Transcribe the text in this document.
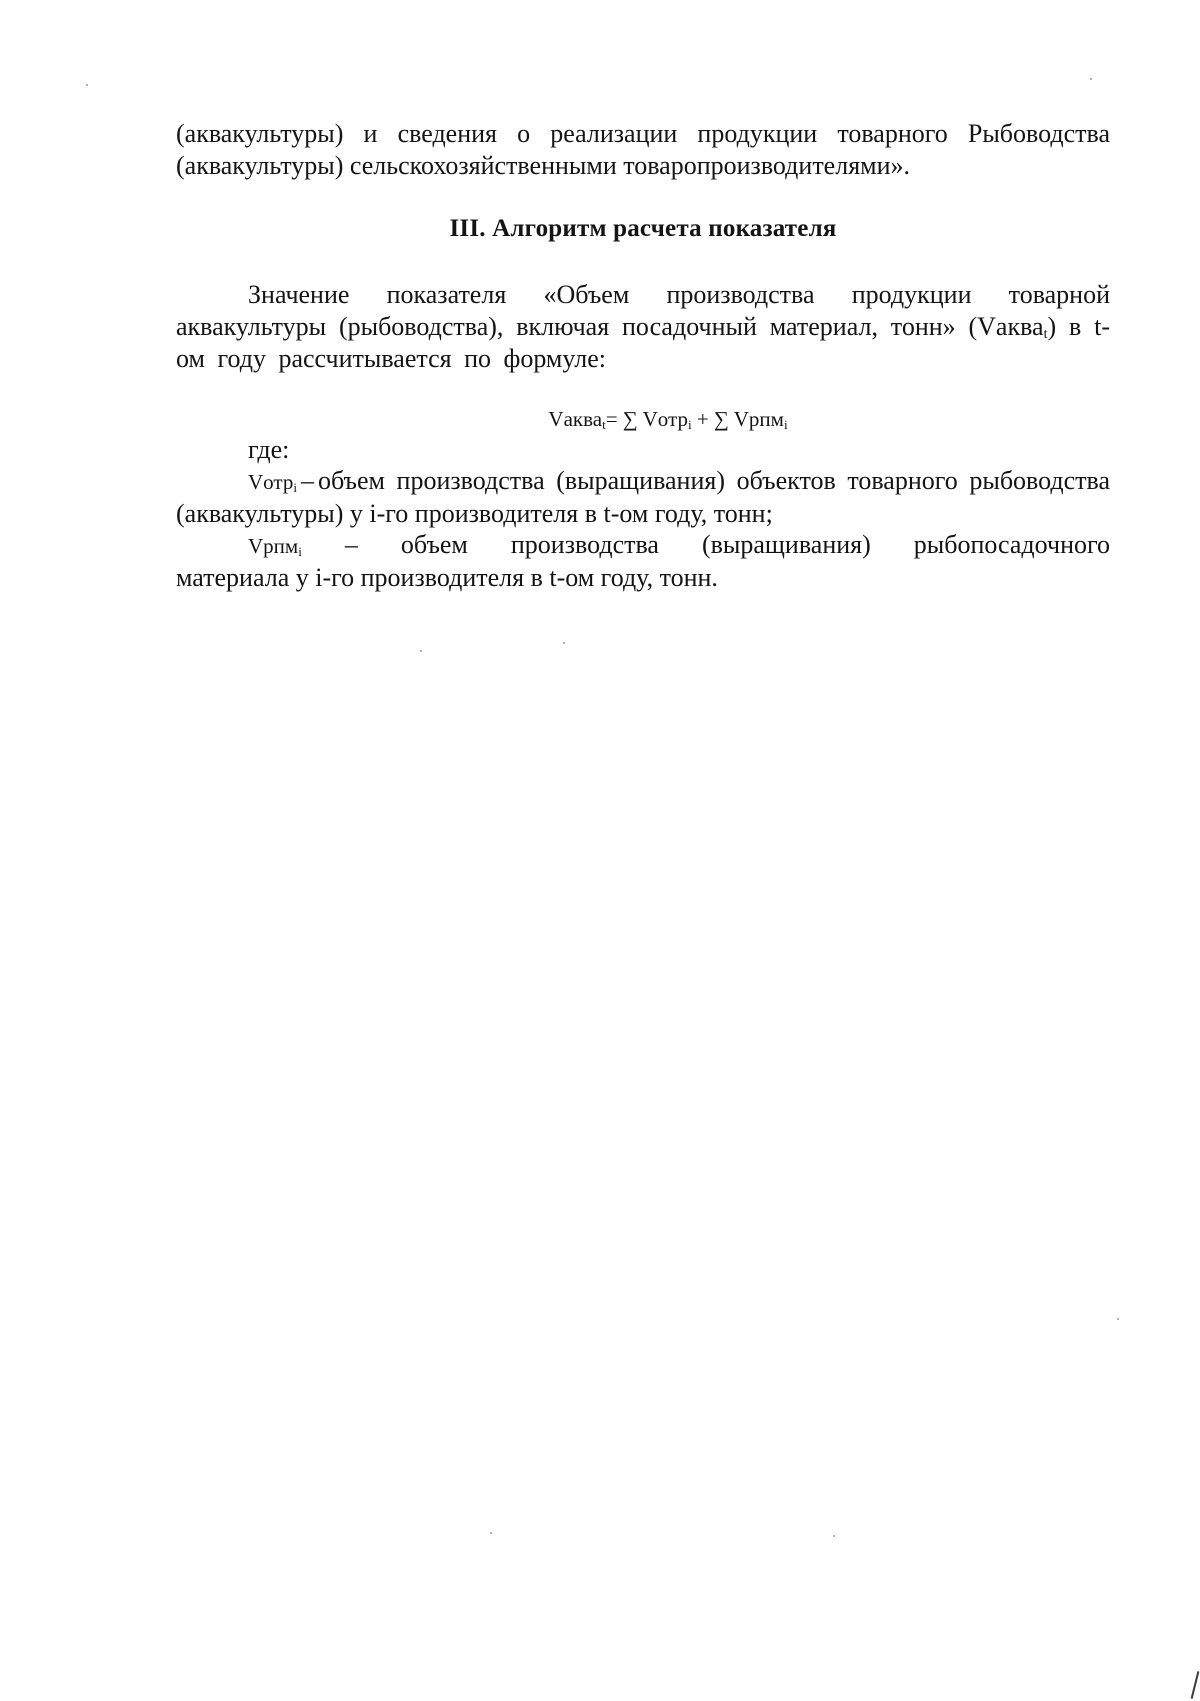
(аквакультуры) и сведения о реализации продукции товарного Рыбоводства (аквакультуры) сельскохозяйственными товаропроизводителями».

III. Алгоритм расчета показателя

Значение показателя «Объем производства продукции товарной аквакультуры (рыбоводства), включая посадочный материал, тонн» (Vаква$_t$) в t-ом году рассчитывается по формуле:

Vаква$_t$= ∑ Vотр$_i$ + ∑ Vрпм$_i$

где:

Vотр$_i$ – объем производства (выращивания) объектов товарного рыбоводства (аквакультуры) у i-го производителя в t-ом году, тонн;

Vрпм$_i$ – объем производства (выращивания) рыбопосадочного материала у i-го производителя в t-ом году, тонн.
